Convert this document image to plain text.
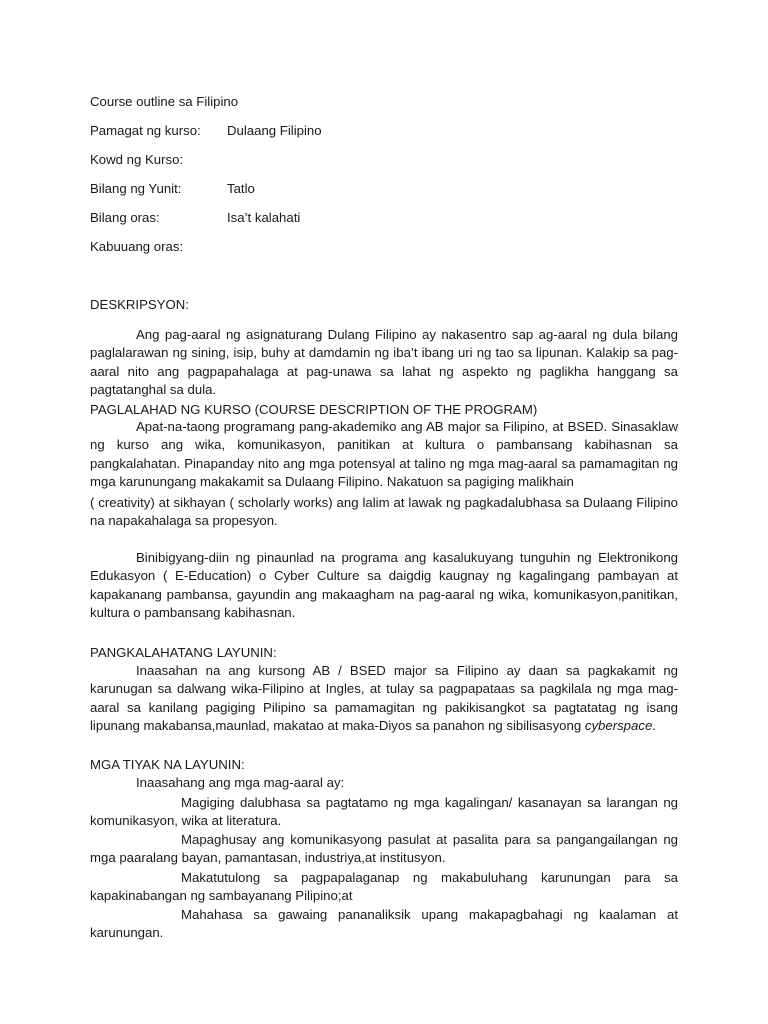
Course outline sa Filipino
Pamagat ng kurso: Dulaang Filipino
Kowd ng Kurso:
Bilang ng Yunit:	Tatlo
Bilang oras:	Isa’t kalahati
Kabuuang oras:
DESKRIPSYON:
Ang pag-aaral ng asignaturang Dulang Filipino ay nakasentro sap ag-aaral ng dula bilang paglalarawan ng sining, isip, buhy at damdamin ng iba’t ibang uri ng tao sa lipunan. Kalakip sa pag-aaral nito ang pagpapahalaga at pag-unawa sa lahat ng aspekto ng paglikha hanggang sa pagtatanghal sa dula.
PAGLALAHAD NG KURSO (COURSE DESCRIPTION OF THE PROGRAM)
Apat-na-taong programang pang-akademiko ang AB major sa Filipino, at BSED. Sinasaklaw ng kurso ang wika, komunikasyon, panitikan at kultura o pambansang kabihasnan sa pangkalahatan. Pinapanday nito ang mga potensyal at talino ng mga mag-aaral sa pamamagitan ng mga karunungang makakamit sa Dulaang Filipino. Nakatuon sa pagiging malikhain
( creativity) at sikhayan ( scholarly works) ang lalim at lawak ng pagkadalubhasa sa Dulaang Filipino na napakahalaga sa propesyon.
Binibigyang-diin ng pinaunlad na programa ang kasalukuyang tunguhin ng Elektronikong Edukasyon ( E-Education) o Cyber Culture sa daigdig kaugnay ng kagalingang pambayan at kapakanang pambansa, gayundin ang makaagham na pag-aaral ng wika, komunikasyon,panitikan, kultura o pambansang kabihasnan.
PANGKALAHATANG LAYUNIN:
Inaasahan na ang kursong AB / BSED major sa Filipino ay daan sa pagkakamit ng karunugan sa dalwang wika-Filipino at Ingles, at tulay sa pagpapataas sa pagkilala ng mga mag-aaral sa kanilang pagiging Pilipino sa pamamagitan ng pakikisangkot sa pagtatatag ng isang lipunang makabansa,maunlad, makatao at maka-Diyos sa panahon ng sibilisasyong cyberspace.
MGA TIYAK NA LAYUNIN:
Inaasahang ang mga mag-aaral ay:
Magiging dalubhasa sa pagtatamo ng mga kagalingan/ kasanayan sa larangan ng komunikasyon, wika at literatura.
Mapaghusay ang komunikasyong pasulat at pasalita para sa pangangailangan ng mga paaralang bayan, pamantasan, industriya,at institusyon.
Makatutulong sa pagpapalaganap ng makabuluhang karunungan para sa kapakinabangan ng sambayanang Pilipino;at
Mahahasa sa gawaing pananaliksik upang makapagbahagi ng kaalaman at karunungan.
